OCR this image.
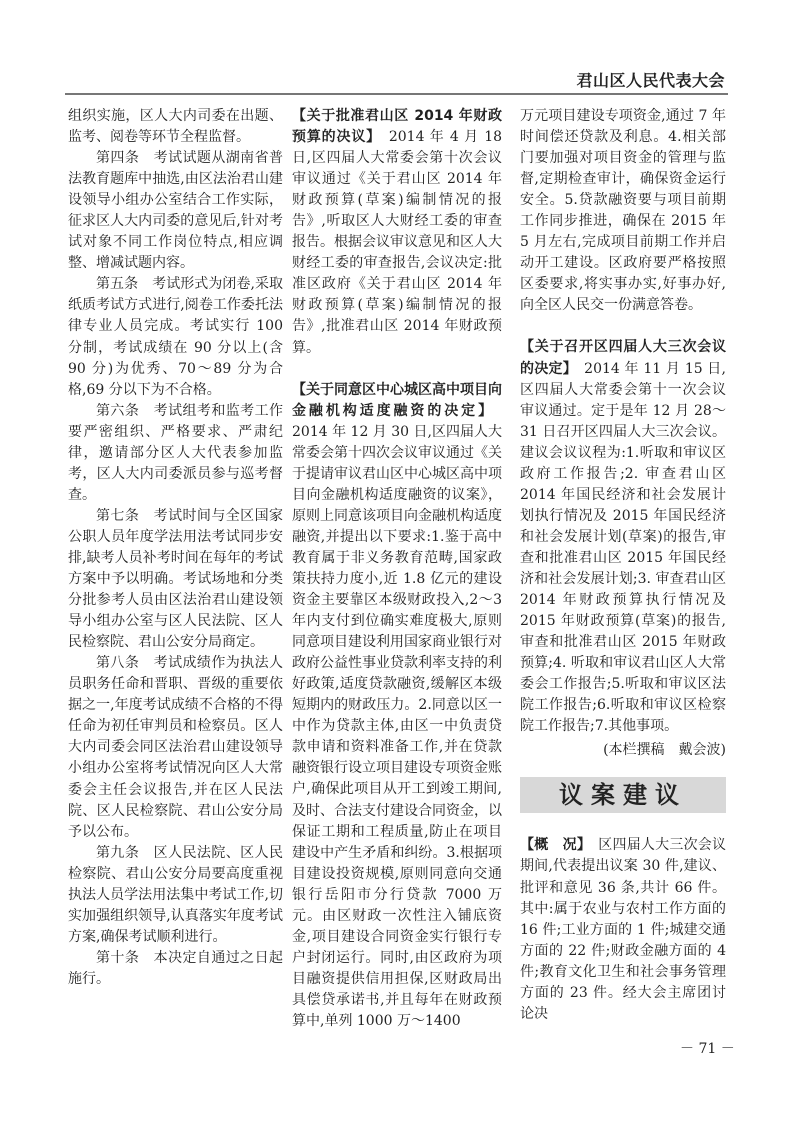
君山区人民代表大会

组织实施，区人大内司委在出题、监考、阅卷等环节全程监督。

第四条　考试试题从湖南省普法教育题库中抽选,由区法治君山建设领导小组办公室结合工作实际，征求区人大内司委的意见后,针对考试对象不同工作岗位特点,相应调整、增减试题内容。

第五条　考试形式为闭卷,采取纸质考试方式进行,阅卷工作委托法律专业人员完成。考试实行 100 分制，考试成绩在 90 分以上(含 90 分)为优秀、70～89 分为合格,69 分以下为不合格。

第六条　考试组考和监考工作要严密组织、严格要求、严肃纪律，邀请部分区人大代表参加监考，区人大内司委派员参与巡考督查。

第七条　考试时间与全区国家公职人员年度学法用法考试同步安排,缺考人员补考时间在每年的考试方案中予以明确。考试场地和分类分批参考人员由区法治君山建设领导小组办公室与区人民法院、区人民检察院、君山公安分局商定。

第八条　考试成绩作为执法人员职务任命和晋职、晋级的重要依据之一,年度考试成绩不合格的不得任命为初任审判员和检察员。区人大内司委会同区法治君山建设领导小组办公室将考试情况向区人大常委会主任会议报告,并在区人民法院、区人民检察院、君山公安分局予以公布。

第九条　区人民法院、区人民检察院、君山公安分局要高度重视执法人员学法用法集中考试工作,切实加强组织领导,认真落实年度考试方案,确保考试顺利进行。

第十条　本决定自通过之日起施行。

【关于批准君山区 2014 年财政预算的决议】　2014 年 4 月 18 日,区四届人大常委会第十次会议审议通过《关于君山区 2014 年财政预算(草案)编制情况的报告》,听取区人大财经工委的审查报告。根据会议审议意见和区人大财经工委的审查报告,会议决定:批准区政府《关于君山区 2014 年财政预算(草案)编制情况的报告》,批准君山区 2014 年财政预算。

【关于同意区中心城区高中项目向金融机构适度融资的决定】　2014 年 12 月 30 日,区四届人大常委会第十四次会议审议通过《关于提请审议君山区中心城区高中项目向金融机构适度融资的议案》，原则上同意该项目向金融机构适度融资,并提出以下要求:1.鉴于高中教育属于非义务教育范畴,国家政策扶持力度小,近 1.8 亿元的建设资金主要靠区本级财政投入,2～3 年内支付到位确实难度极大,原则同意项目建设利用国家商业银行对政府公益性事业贷款利率支持的利好政策,适度贷款融资,缓解区本级短期内的财政压力。2.同意以区一中作为贷款主体,由区一中负责贷款申请和资料准备工作,并在贷款融资银行设立项目建设专项资金账户,确保此项目从开工到竣工期间,及时、合法支付建设合同资金，以保证工期和工程质量,防止在项目建设中产生矛盾和纠纷。3.根据项目建设投资规模,原则同意向交通银行岳阳市分行贷款 7000 万元。由区财政一次性注入铺底资金,项目建设合同资金实行银行专户封闭运行。同时,由区政府为项目融资提供信用担保,区财政局出具偿贷承诺书,并且每年在财政预算中,单列 1000 万～1400

万元项目建设专项资金,通过 7 年时间偿还贷款及利息。4.相关部门要加强对项目资金的管理与监督,定期检查审计，确保资金运行安全。5.贷款融资要与项目前期工作同步推进，确保在 2015 年 5 月左右,完成项目前期工作并启动开工建设。区政府要严格按照区委要求,将实事办实,好事办好,向全区人民交一份满意答卷。

【关于召开区四届人大三次会议的决定】　2014 年 11 月 15 日,区四届人大常委会第十一次会议审议通过。定于是年 12 月 28～31 日召开区四届人大三次会议。建议会议议程为:1.听取和审议区政府工作报告;2. 审查君山区 2014 年国民经济和社会发展计划执行情况及 2015 年国民经济和社会发展计划(草案)的报告,审查和批准君山区 2015 年国民经济和社会发展计划;3. 审查君山区 2014 年财政预算执行情况及 2015 年财政预算(草案)的报告,审查和批准君山区 2015 年财政预算;4. 听取和审议君山区人大常委会工作报告;5.听取和审议区法院工作报告;6.听取和审议区检察院工作报告;7.其他事项。

(本栏撰稿　戴会波)

议案建议

【概　况】　区四届人大三次会议期间,代表提出议案 30 件,建议、批评和意见 36 条,共计 66 件。其中:属于农业与农村工作方面的 16 件;工业方面的 1 件;城建交通方面的 22 件;财政金融方面的 4 件;教育文化卫生和社会事务管理方面的 23 件。经大会主席团讨论决

－ 71 －
